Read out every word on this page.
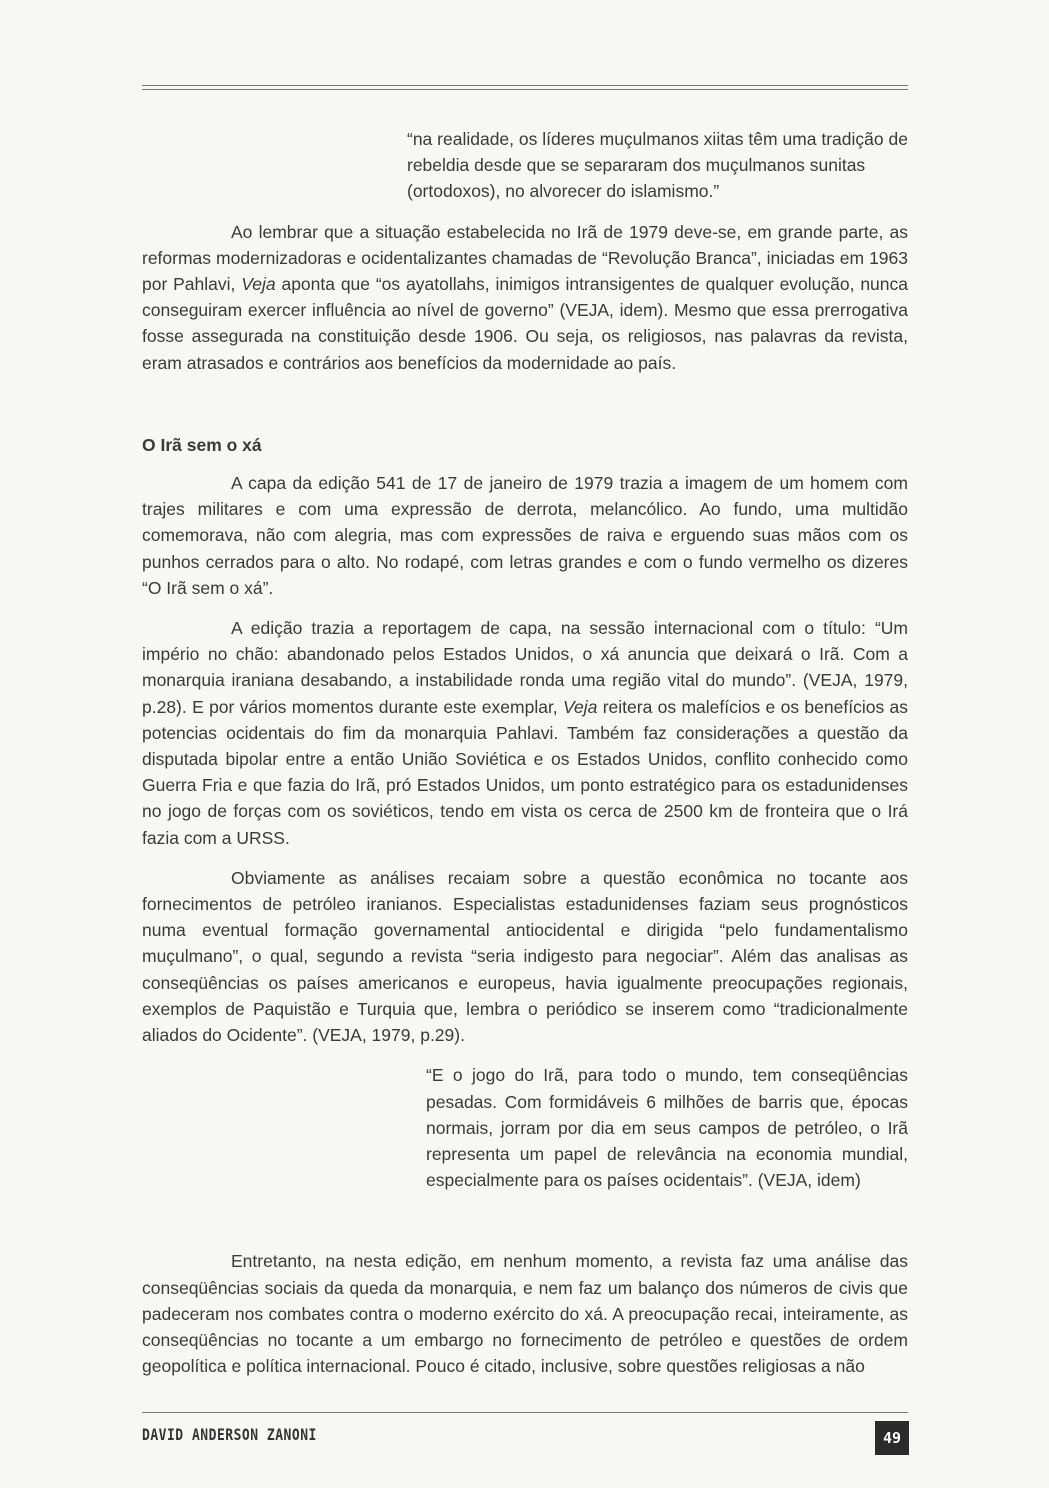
“na realidade, os líderes muçulmanos xiitas têm uma tradição de rebeldia desde que se separaram dos muçulmanos sunitas (ortodoxos), no alvorecer do islamismo.”

Ao lembrar que a situação estabelecida no Irã de 1979 deve-se, em grande parte, as reformas modernizadoras e ocidentalizantes chamadas de “Revolução Branca”, iniciadas em 1963 por Pahlavi, Veja aponta que “os ayatollahs, inimigos intransigentes de qualquer evolução, nunca conseguiram exercer influência ao nível de governo” (VEJA, idem). Mesmo que essa prerrogativa fosse assegurada na constituição desde 1906. Ou seja, os religiosos, nas palavras da revista, eram atrasados e contrários aos benefícios da modernidade ao país.

O Irã sem o xá

A capa da edição 541 de 17 de janeiro de 1979 trazia a imagem de um homem com trajes militares e com uma expressão de derrota, melancólico. Ao fundo, uma multidão comemorava, não com alegria, mas com expressões de raiva e erguendo suas mãos com os punhos cerrados para o alto. No rodapé, com letras grandes e com o fundo vermelho os dizeres “O Irã sem o xá”.

A edição trazia a reportagem de capa, na sessão internacional com o título: “Um império no chão: abandonado pelos Estados Unidos, o xá anuncia que deixará o Irã. Com a monarquia iraniana desabando, a instabilidade ronda uma região vital do mundo”. (VEJA, 1979, p.28). E por vários momentos durante este exemplar, Veja reitera os malefícios e os benefícios as potencias ocidentais do fim da monarquia Pahlavi. Também faz considerações a questão da disputada bipolar entre a então União Soviética e os Estados Unidos, conflito conhecido como Guerra Fria e que fazia do Irã, pró Estados Unidos, um ponto estratégico para os estadunidenses no jogo de forças com os soviéticos, tendo em vista os cerca de 2500 km de fronteira que o Irá fazia com a URSS.

Obviamente as análises recaiam sobre a questão econômica no tocante aos fornecimentos de petróleo iranianos. Especialistas estadunidenses faziam seus prognósticos numa eventual formação governamental antiocidental e dirigida “pelo fundamentalismo muçulmano”, o qual, segundo a revista “seria indigesto para negociar”. Além das analisas as conseqüências os países americanos e europeus, havia igualmente preocupações regionais, exemplos de Paquistão e Turquia que, lembra o periódico se inserem como “tradicionalmente aliados do Ocidente”. (VEJA, 1979, p.29).

“E o jogo do Irã, para todo o mundo, tem conseqüências pesadas. Com formidáveis 6 milhões de barris que, épocas normais, jorram por dia em seus campos de petróleo, o Irã representa um papel de relevância na economia mundial, especialmente para os países ocidentais”. (VEJA, idem)

Entretanto, na nesta edição, em nenhum momento, a revista faz uma análise das conseqüências sociais da queda da monarquia, e nem faz um balanço dos números de civis que padeceram nos combates contra o moderno exército do xá. A preocupação recai, inteiramente, as conseqüências no tocante a um embargo no fornecimento de petróleo e questões de ordem geopolítica e política internacional. Pouco é citado, inclusive, sobre questões religiosas a não

DAVID ANDERSON ZANONI	49
